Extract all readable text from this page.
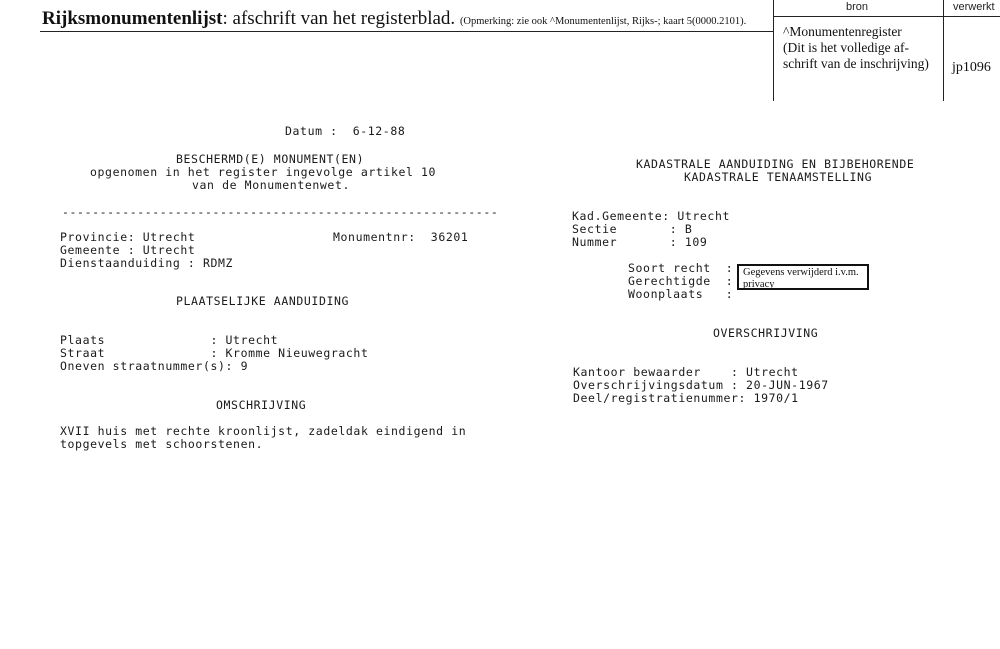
Rijksmonumentenlijst: afschrift van het registerblad. (Opmerking: zie ook ^Monumentenlijst, Rijks-; kaart 5(0000.2101).
bron	verwerkt
^Monumentenregister
(Dit is het volledige af-
schrift van de inschrijving) jp1096
Datum :  6-12-88
BESCHERMD(E) MONUMENT(EN)
opgenomen in het register ingevolge artikel 10
van de Monumentenwet.
----------------------------------------------------------
Provincie: Utrecht	Monumentnr:  36201
Gemeente : Utrecht
Dienstaanduiding : RDMZ
PLAATSELIJKE AANDUIDING
Plaats              : Utrecht
Straat              : Kromme Nieuwegracht
Oneven straatnummer(s): 9
OMSCHRIJVING
XVII huis met rechte kroonlijst, zadeldak eindigend in
topgevels met schoorstenen.
KADASTRALE AANDUIDING EN BIJBEHORENDE
KADASTRALE TENAAMSTELLING
Kad.Gemeente: Utrecht
Sectie       : B
Nummer       : 109
Soort recht  :
Gerechtigde  :
Woonplaats   :
Gegevens verwijderd i.v.m. privacy
OVERSCHRIJVING
Kantoor bewaarder    : Utrecht
Overschrijvingsdatum : 20-JUN-1967
Deel/registratienummer: 1970/1
